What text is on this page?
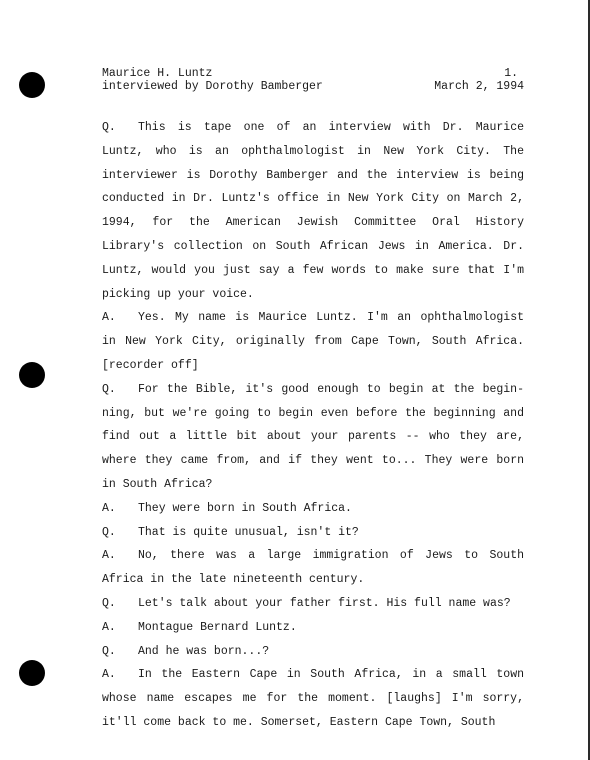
Maurice H. Luntz	1.
interviewed by Dorothy Bamberger	March 2, 1994

Q. This is tape one of an interview with Dr. Maurice Luntz, who is an ophthalmologist in New York City. The interviewer is Dorothy Bamberger and the interview is being conducted in Dr. Luntz's office in New York City on March 2, 1994, for the American Jewish Committee Oral History Library's collection on South African Jews in America. Dr. Luntz, would you just say a few words to make sure that I'm picking up your voice.

A. Yes. My name is Maurice Luntz. I'm an ophthalmologist in New York City, originally from Cape Town, South Africa. [recorder off]

Q. For the Bible, it's good enough to begin at the begin-ning, but we're going to begin even before the beginning and find out a little bit about your parents -- who they are, where they came from, and if they went to... They were born in South Africa?

A. They were born in South Africa.

Q. That is quite unusual, isn't it?

A. No, there was a large immigration of Jews to South Africa in the late nineteenth century.

Q. Let's talk about your father first. His full name was?

A. Montague Bernard Luntz.

Q. And he was born...?

A. In the Eastern Cape in South Africa, in a small town whose name escapes me for the moment. [laughs] I'm sorry, it'll come back to me. Somerset, Eastern Cape Town, South
